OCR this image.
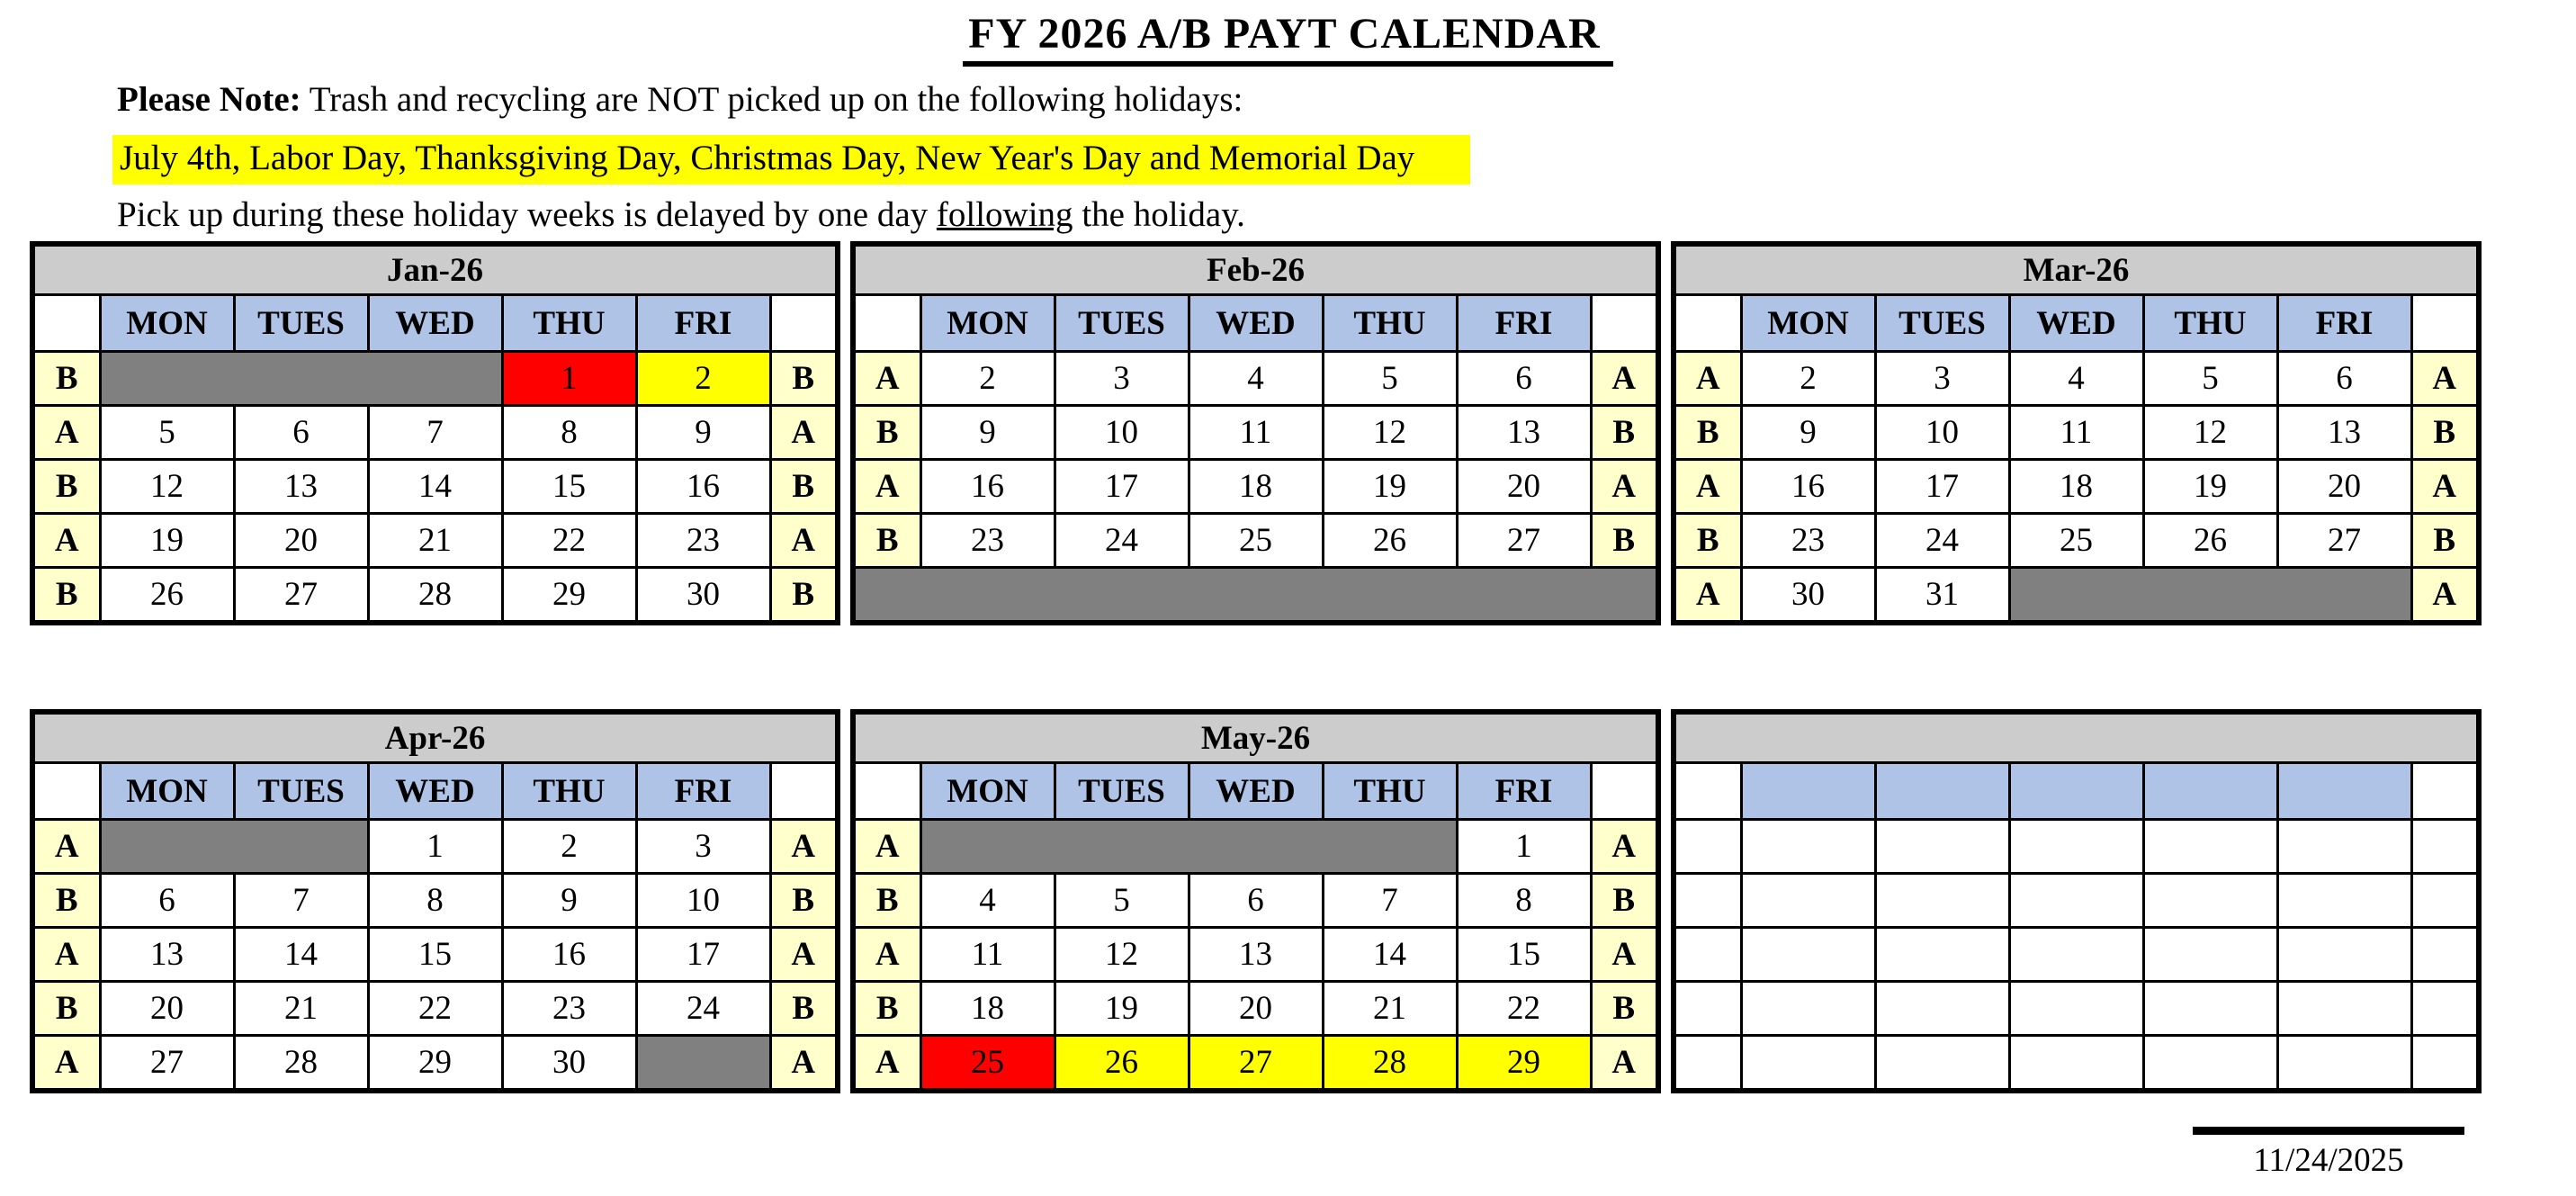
FY 2026 A/B PAYT CALENDAR
Please Note: Trash and recycling are NOT picked up on the following holidays:
July 4th, Labor Day, Thanksgiving Day, Christmas Day, New Year's Day and Memorial Day
Pick up during these holiday weeks is delayed by one day following the holiday.
Jan-26						
	MON	TUES	WED	THU	FRI	
B				1	2	B
A	5	6	7	8	9	A
B	12	13	14	15	16	B
A	19	20	21	22	23	A
B	26	27	28	29	30	B
Feb-26						
	MON	TUES	WED	THU	FRI	
A	2	3	4	5	6	A
B	9	10	11	12	13	B
A	16	17	18	19	20	A
B	23	24	25	26	27	B

Mar-26						
	MON	TUES	WED	THU	FRI	
A	2	3	4	5	6	A
B	9	10	11	12	13	B
A	16	17	18	19	20	A
B	23	24	25	26	27	B
A	30	31				A
Apr-26						
	MON	TUES	WED	THU	FRI	
A			1	2	3	A
B	6	7	8	9	10	B
A	13	14	15	16	17	A
B	20	21	22	23	24	B
A	27	28	29	30		A
May-26						
	MON	TUES	WED	THU	FRI	
A					1	A
B	4	5	6	7	8	B
A	11	12	13	14	15	A
B	18	19	20	21	22	B
A	25	26	27	28	29	A

11/24/2025
